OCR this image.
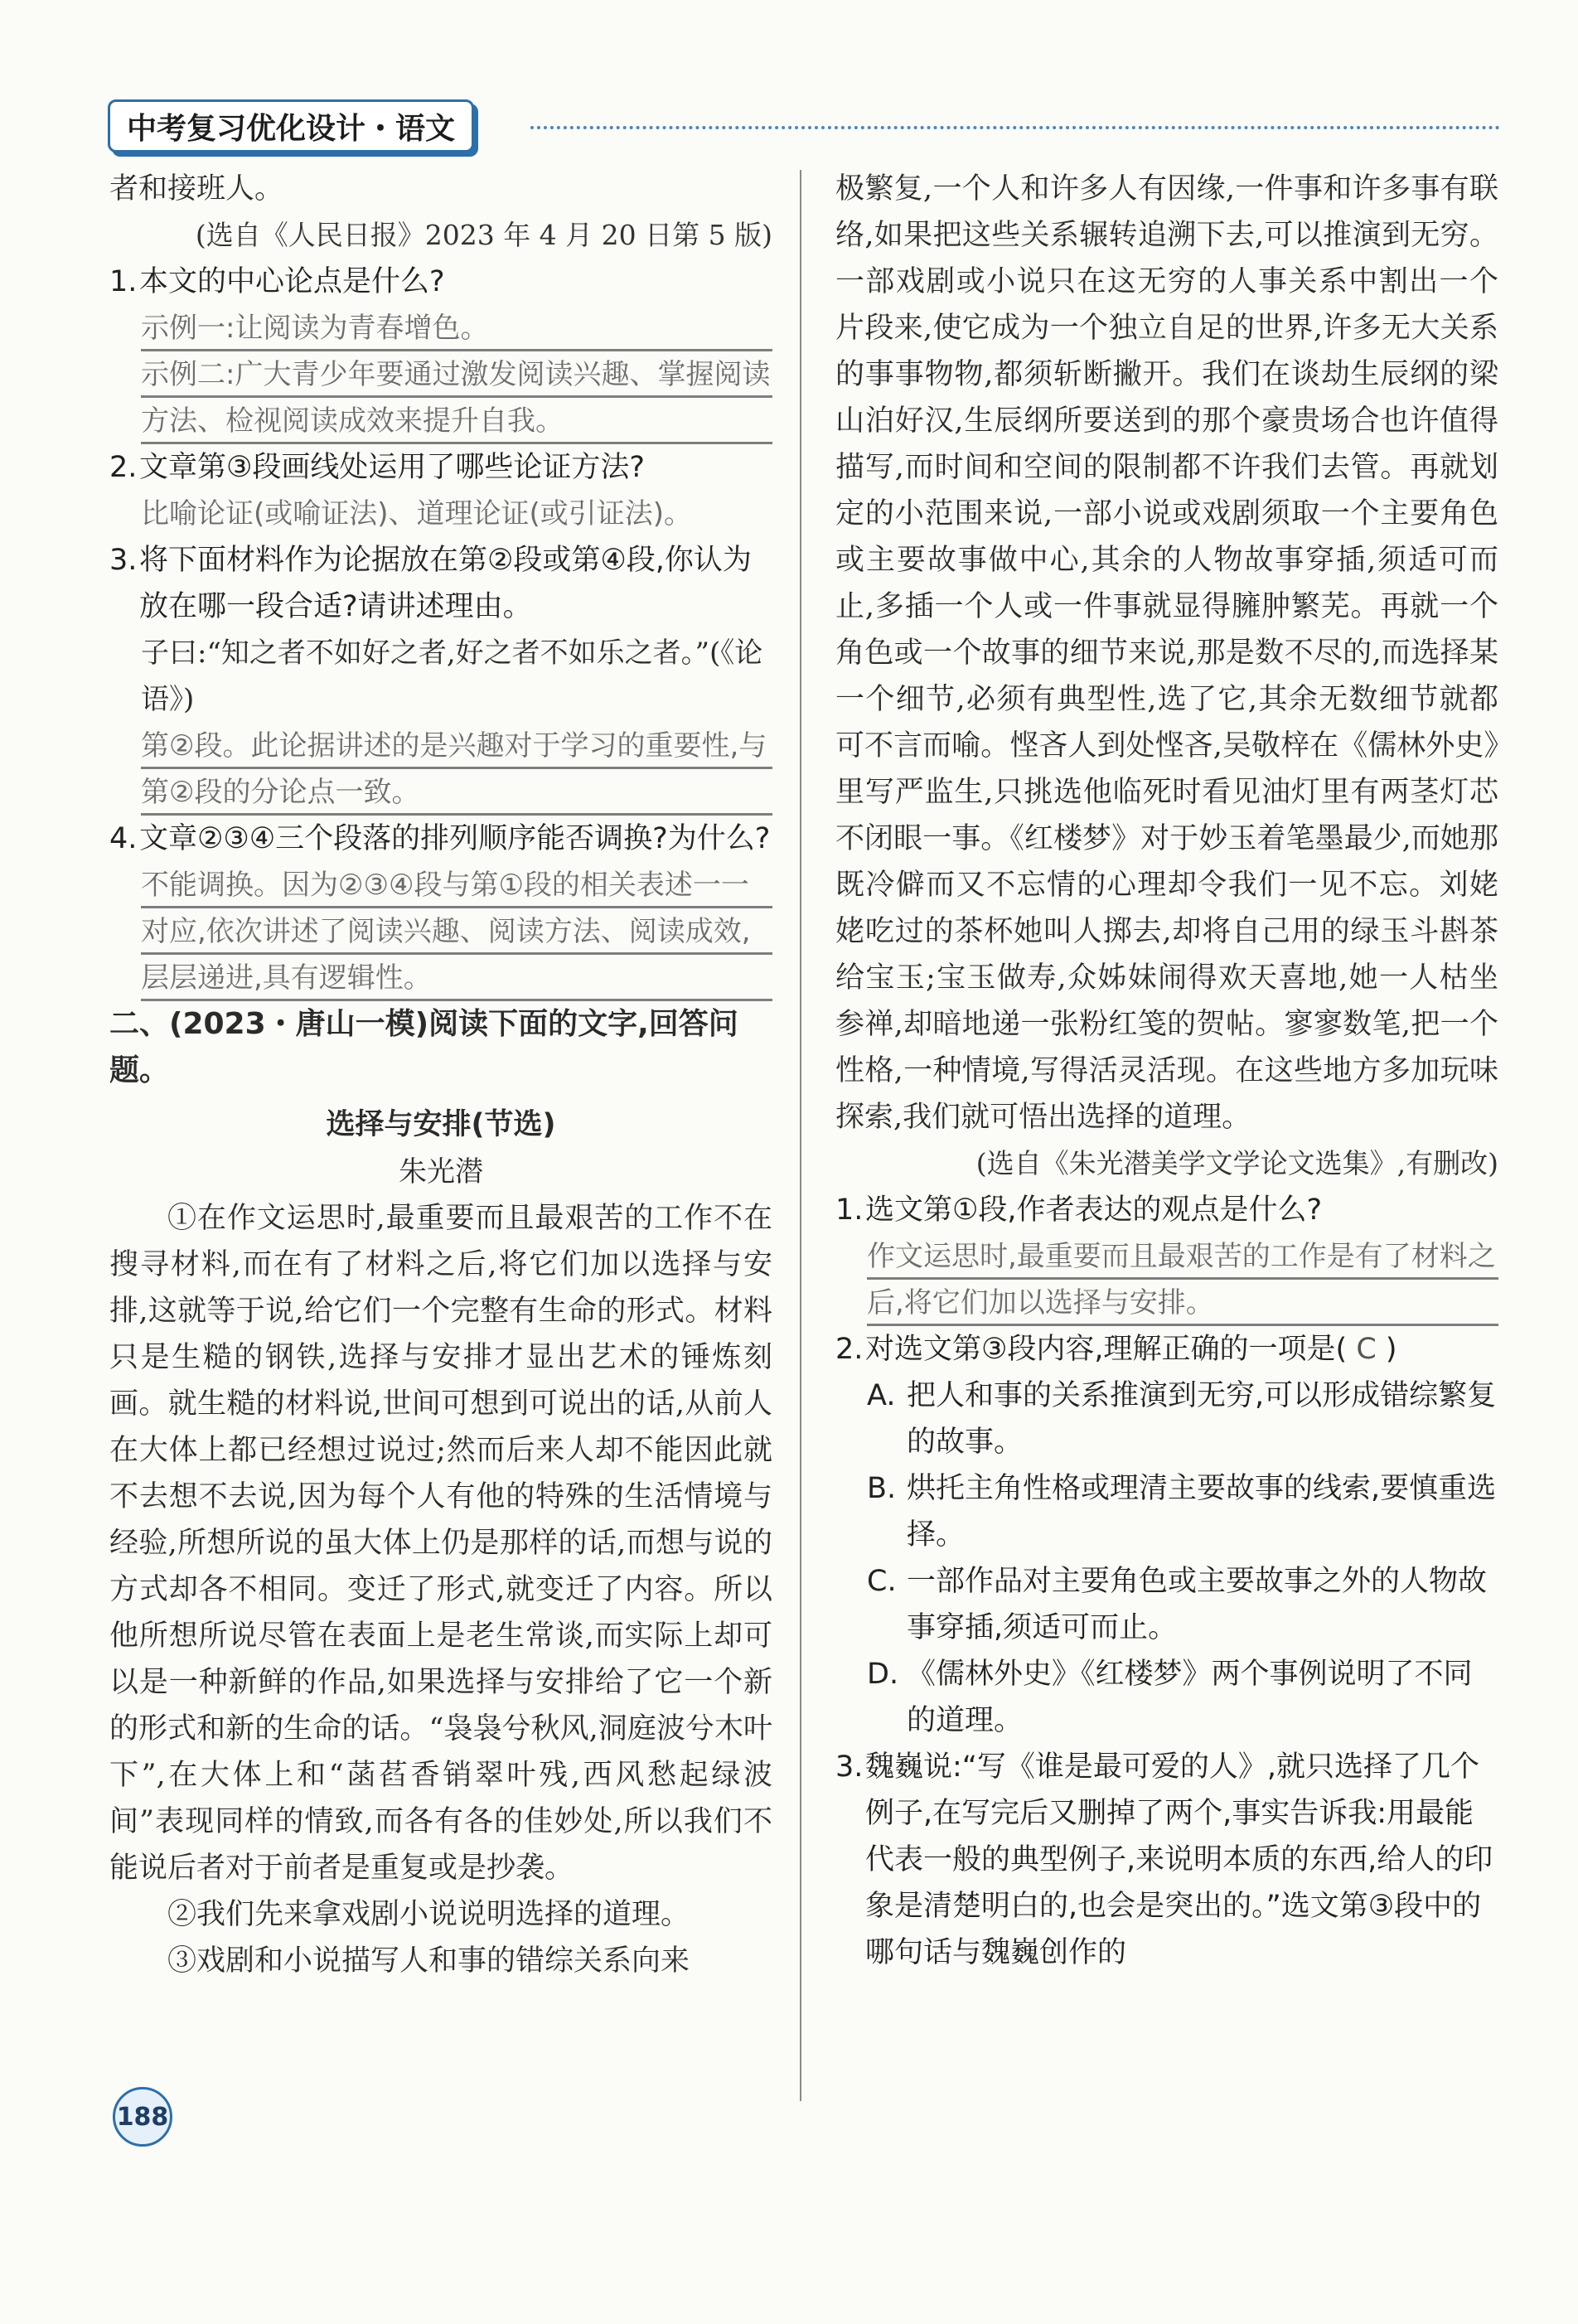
中考复习优化设计・语文

者和接班人。

(选自《人民日报》2023 年 4 月 20 日第 5 版)

1. 本文的中心论点是什么?
示例一:让阅读为青春增色。
示例二:广大青少年要通过激发阅读兴趣、掌握阅读方法、检视阅读成效来提升自我。
2. 文章第③段画线处运用了哪些论证方法?
比喻论证(或喻证法)、道理论证(或引证法)。
3. 将下面材料作为论据放在第②段或第④段,你认为放在哪一段合适?请讲述理由。
子曰:“知之者不如好之者,好之者不如乐之者。”(《论语》)
第②段。此论据讲述的是兴趣对于学习的重要性,与第②段的分论点一致。
4. 文章②③④三个段落的排列顺序能否调换?为什么?
不能调换。因为②③④段与第①段的相关表述一一对应,依次讲述了阅读兴趣、阅读方法、阅读成效,层层递进,具有逻辑性。

二、(2023・唐山一模)阅读下面的文字,回答问题。

选择与安排(节选)

朱光潜

①在作文运思时,最重要而且最艰苦的工作不在搜寻材料,而在有了材料之后,将它们加以选择与安排,这就等于说,给它们一个完整有生命的形式。材料只是生糙的钢铁,选择与安排才显出艺术的锤炼刻画。就生糙的材料说,世间可想到可说出的话,从前人在大体上都已经想过说过;然而后来人却不能因此就不去想不去说,因为每个人有他的特殊的生活情境与经验,所想所说的虽大体上仍是那样的话,而想与说的方式却各不相同。变迁了形式,就变迁了内容。所以他所想所说尽管在表面上是老生常谈,而实际上却可以是一种新鲜的作品,如果选择与安排给了它一个新的形式和新的生命的话。“袅袅兮秋风,洞庭波兮木叶下”,在大体上和“菡萏香销翠叶残,西风愁起绿波间”表现同样的情致,而各有各的佳妙处,所以我们不能说后者对于前者是重复或是抄袭。

②我们先来拿戏剧小说说明选择的道理。

③戏剧和小说描写人和事的错综关系向来

极繁复,一个人和许多人有因缘,一件事和许多事有联络,如果把这些关系辗转追溯下去,可以推演到无穷。一部戏剧或小说只在这无穷的人事关系中割出一个片段来,使它成为一个独立自足的世界,许多无大关系的事事物物,都须斩断撇开。我们在谈劫生辰纲的梁山泊好汉,生辰纲所要送到的那个豪贵场合也许值得描写,而时间和空间的限制都不许我们去管。再就划定的小范围来说,一部小说或戏剧须取一个主要角色或主要故事做中心,其余的人物故事穿插,须适可而止,多插一个人或一件事就显得臃肿繁芜。再就一个角色或一个故事的细节来说,那是数不尽的,而选择某一个细节,必须有典型性,选了它,其余无数细节就都可不言而喻。悭吝人到处悭吝,吴敬梓在《儒林外史》里写严监生,只挑选他临死时看见油灯里有两茎灯芯不闭眼一事。《红楼梦》对于妙玉着笔墨最少,而她那既冷僻而又不忘情的心理却令我们一见不忘。刘姥姥吃过的茶杯她叫人掷去,却将自己用的绿玉斗斟茶给宝玉;宝玉做寿,众姊妹闹得欢天喜地,她一人枯坐参禅,却暗地递一张粉红笺的贺帖。寥寥数笔,把一个性格,一种情境,写得活灵活现。在这些地方多加玩味探索,我们就可悟出选择的道理。

(选自《朱光潜美学文学论文选集》,有删改)

1. 选文第①段,作者表达的观点是什么?
作文运思时,最重要而且最艰苦的工作是有了材料之后,将它们加以选择与安排。
2. 对选文第③段内容,理解正确的一项是( C )
A. 把人和事的关系推演到无穷,可以形成错综繁复的故事。
B. 烘托主角性格或理清主要故事的线索,要慎重选择。
C. 一部作品对主要角色或主要故事之外的人物故事穿插,须适可而止。
D. 《儒林外史》《红楼梦》两个事例说明了不同的道理。
3. 魏巍说:“写《谁是最可爱的人》,就只选择了几个例子,在写完后又删掉了两个,事实告诉我:用最能代表一般的典型例子,来说明本质的东西,给人的印象是清楚明白的,也会是突出的。”选文第③段中的哪句话与魏巍创作的
188
